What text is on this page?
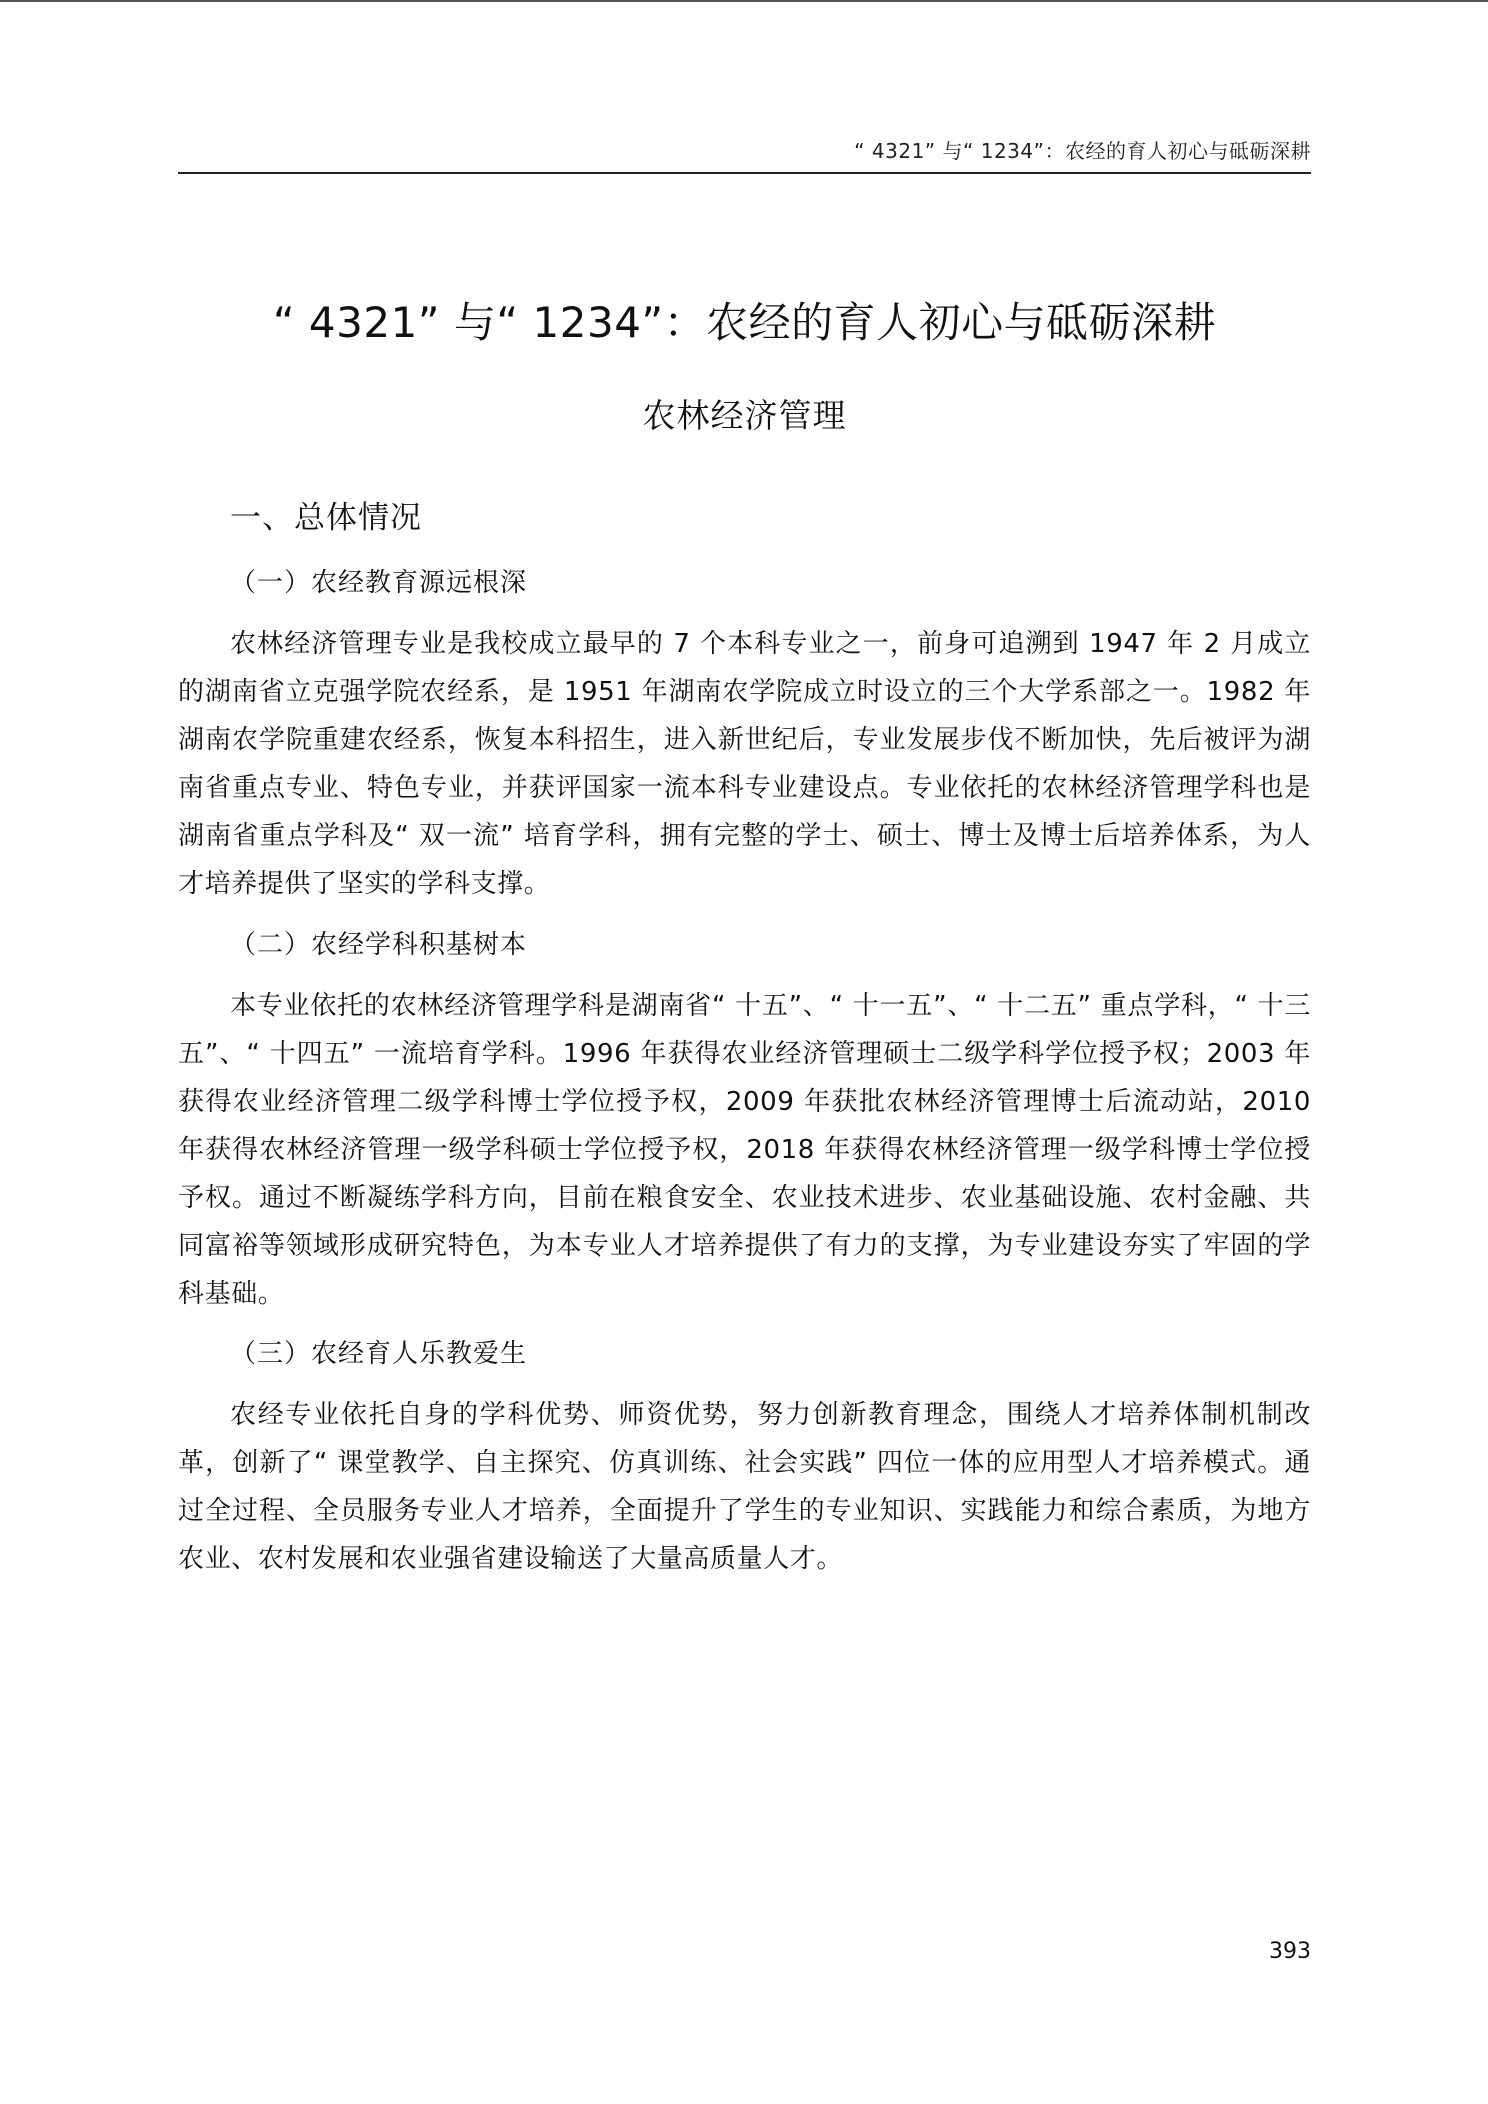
“ 4321” 与“ 1234”：农经的育人初心与砥砺深耕
“ 4321” 与“ 1234”：农经的育人初心与砥砺深耕
农林经济管理
一、总体情况
（一）农经教育源远根深

农林经济管理专业是我校成立最早的 7 个本科专业之一，前身可追溯到 1947 年 2 月成立的湖南省立克强学院农经系，是 1951 年湖南农学院成立时设立的三个大学系部之一。1982 年湖南农学院重建农经系，恢复本科招生，进入新世纪后，专业发展步伐不断加快，先后被评为湖南省重点专业、特色专业，并获评国家一流本科专业建设点。专业依托的农林经济管理学科也是湖南省重点学科及“ 双一流” 培育学科，拥有完整的学士、硕士、博士及博士后培养体系，为人才培养提供了坚实的学科支撑。

（二）农经学科积基树本

本专业依托的农林经济管理学科是湖南省“ 十五”、“ 十一五”、“ 十二五” 重点学科，“ 十三五”、“ 十四五” 一流培育学科。1996 年获得农业经济管理硕士二级学科学位授予权；2003 年获得农业经济管理二级学科博士学位授予权，2009 年获批农林经济管理博士后流动站，2010 年获得农林经济管理一级学科硕士学位授予权，2018 年获得农林经济管理一级学科博士学位授予权。通过不断凝练学科方向，目前在粮食安全、农业技术进步、农业基础设施、农村金融、共同富裕等领域形成研究特色，为本专业人才培养提供了有力的支撑，为专业建设夯实了牢固的学科基础。

（三）农经育人乐教爱生

农经专业依托自身的学科优势、师资优势，努力创新教育理念，围绕人才培养体制机制改革，创新了“ 课堂教学、自主探究、仿真训练、社会实践” 四位一体的应用型人才培养模式。通过全过程、全员服务专业人才培养，全面提升了学生的专业知识、实践能力和综合素质，为地方农业、农村发展和农业强省建设输送了大量高质量人才。

393
